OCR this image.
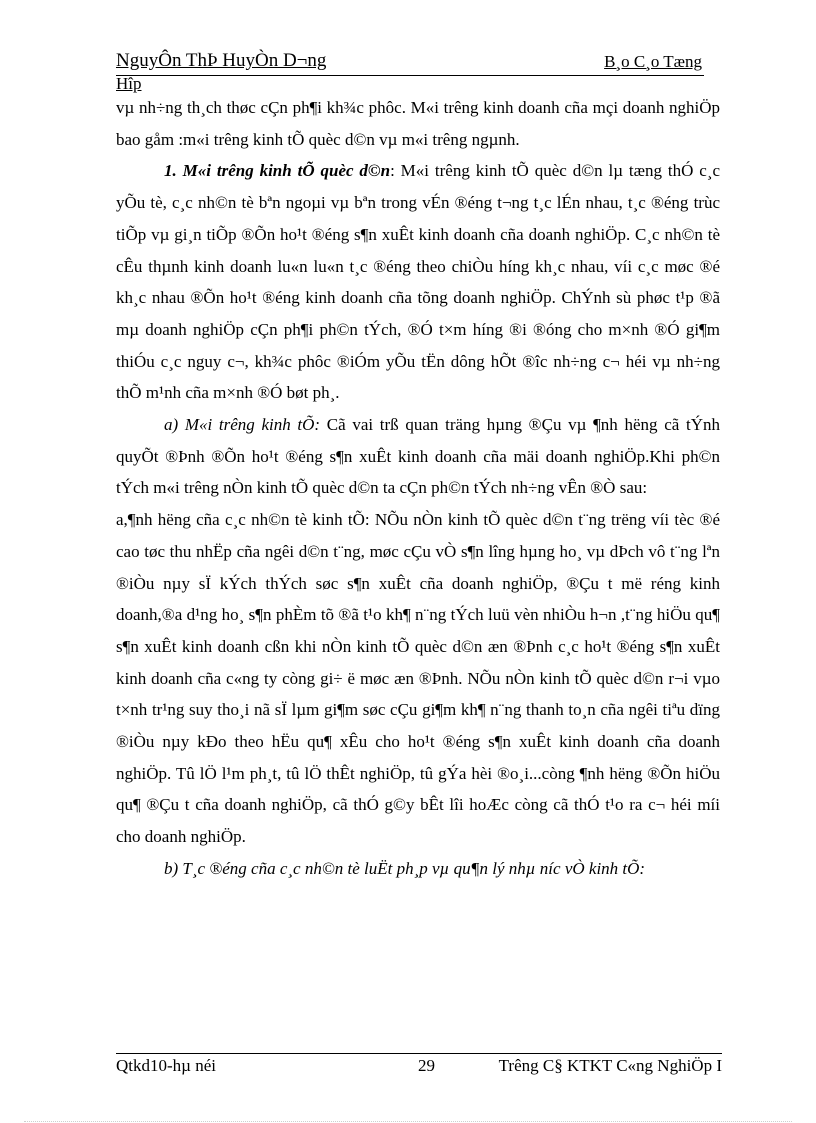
NguyÔn ThÞ HuyÒn D¬ng	B¸o C¸o Tæng
Hîp

vµ nh÷ng th¸ch thøc cÇn ph¶i kh¾c phôc. M«i trêng kinh doanh cña mçi doanh nghiÖp bao gåm :m«i trêng kinh tÕ quèc d©n vµ m«i trêng ngµnh.

1. M«i trêng kinh tÕ quèc d©n: M«i trêng kinh tÕ quèc d©n lµ tæng thÓ c¸c yÕu tè, c¸c nh©n tè bªn ngoµi vµ bªn trong vÉn ®éng t¬ng t¸c lÉn nhau, t¸c ®éng trùc tiÕp vµ gi¸n tiÕp ®Õn ho¹t ®éng s¶n xuÊt kinh doanh cña doanh nghiÖp. C¸c nh©n tè cÊu thµnh kinh doanh lu«n lu«n t¸c ®éng theo chiÒu híng kh¸c nhau, víi c¸c møc ®é kh¸c nhau ®Õn ho¹t ®éng kinh doanh cña tõng doanh nghiÖp. ChÝnh sù phøc t¹p ®ã mµ doanh nghiÖp cÇn ph¶i ph©n tÝch, ®Ó t×m híng ®i ®óng cho m×nh ®Ó gi¶m thiÓu c¸c nguy c¬, kh¾c phôc ®iÓm yÕu tËn dông hÕt ®îc nh÷ng c¬ héi vµ nh÷ng thÕ m¹nh cña m×nh ®Ó bøt ph¸.

a) M«i trêng kinh tÕ: Cã vai trß quan träng hµng ®Çu vµ ¶nh hëng cã tÝnh quyÕt ®Þnh ®Õn ho¹t ®éng s¶n xuÊt kinh doanh cña mäi doanh nghiÖp.Khi ph©n tÝch m«i trêng nÒn kinh tÕ quèc d©n ta cÇn ph©n tÝch nh÷ng vÊn ®Ò sau:

a,¶nh hëng cña c¸c nh©n tè kinh tÕ: NÕu nÒn kinh tÕ quèc d©n t¨ng trëng víi tèc ®é cao tøc thu nhËp cña ngêi d©n t¨ng, møc cÇu vÒ s¶n lîng hµng ho¸ vµ dÞch vô t¨ng lªn ®iÒu nµy sÏ kÝch thÝch søc s¶n xuÊt cña doanh nghiÖp, ®Çu t më réng kinh doanh,®a d¹ng ho¸ s¶n phÈm tõ ®ã t¹o kh¶ n¨ng tÝch luü vèn nhiÒu h¬n ,t¨ng hiÖu qu¶ s¶n xuÊt kinh doanh cßn khi nÒn kinh tÕ quèc d©n æn ®Þnh c¸c ho¹t ®éng s¶n xuÊt kinh doanh cña c«ng ty còng gi÷ ë møc æn ®Þnh. NÕu nÒn kinh tÕ quèc d©n r¬i vµo t×nh tr¹ng suy tho¸i nã sÏ lµm gi¶m søc cÇu gi¶m kh¶ n¨ng thanh to¸n cña ngêi tiªu dïng ®iÒu nµy kÐo theo hËu qu¶ xÊu cho ho¹t ®éng s¶n xuÊt kinh doanh cña doanh nghiÖp. Tû lÖ l¹m ph¸t, tû lÖ thÊt nghiÖp, tû gÝa hèi ®o¸i...còng ¶nh hëng ®Õn hiÖu qu¶ ®Çu t cña doanh nghiÖp, cã thÓ g©y bÊt lîi hoÆc còng cã thÓ t¹o ra c¬ héi míi cho doanh nghiÖp.

b) T¸c ®éng cña c¸c nh©n tè luËt ph¸p vµ qu¶n lý nhµ níc vÒ kinh tÕ:

Qtkd10-hµ néi	29	Trêng C§ KTKT C«ng NghiÖp I
